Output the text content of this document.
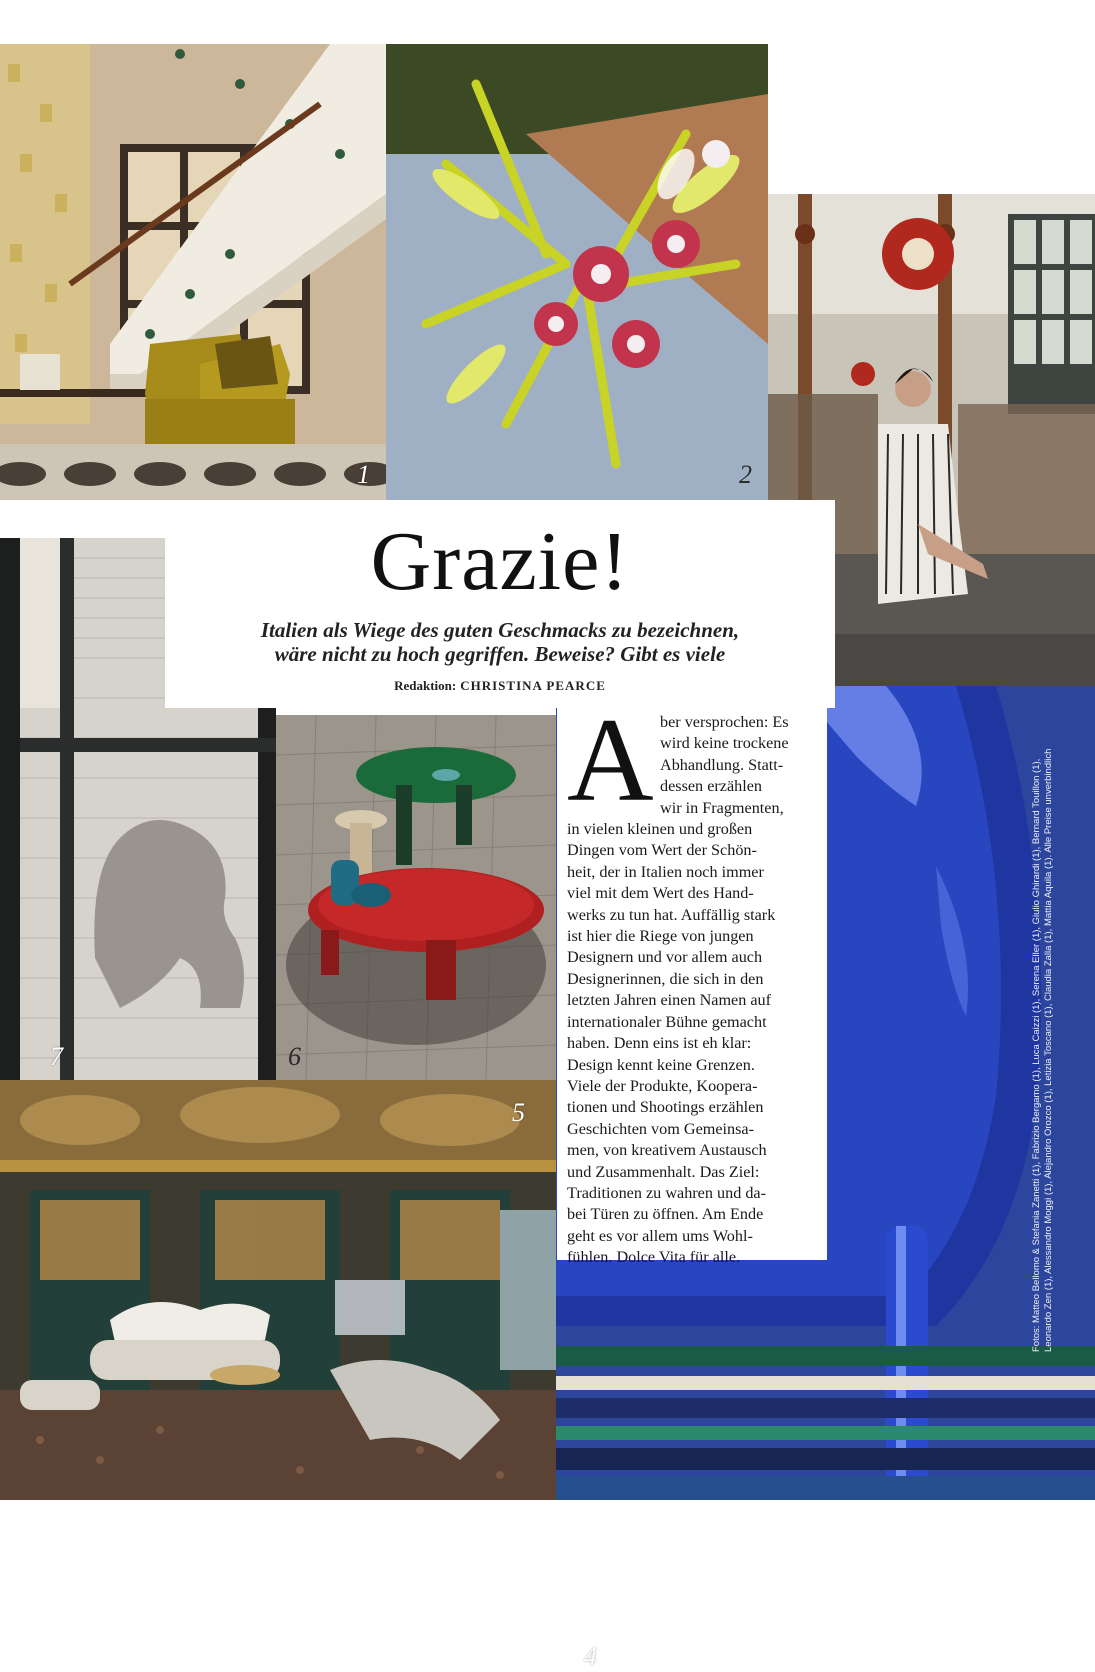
1	2
7	6
5
4
Grazie!
Italien als Wiege des guten Geschmacks zu bezeichnen,
wäre nicht zu hoch gegriffen. Beweise? Gibt es viele
Redaktion: CHRISTINA PEARCE
A ber versprochen: Es
wird keine trockene
Abhandlung. Statt-
dessen erzählen
wir in Fragmenten,
in vielen kleinen und großen
Dingen vom Wert der Schön-
heit, der in Italien noch immer
viel mit dem Wert des Hand-
werks zu tun hat. Auffällig stark
ist hier die Riege von jungen
Designern und vor allem auch
Designerinnen, die sich in den
letzten Jahren einen Namen auf
internationaler Bühne gemacht
haben. Denn eins ist eh klar:
Design kennt keine Grenzen.
Viele der Produkte, Koopera-
tionen und Shootings erzählen
Geschichten vom Gemeinsa-
men, von kreativem Austausch
und Zusammenhalt. Das Ziel:
Traditionen zu wahren und da-
bei Türen zu öffnen. Am Ende
geht es vor allem ums Wohl-
fühlen. Dolce Vita für alle.	Fotos: Matteo Bellomo & Stefania Zanetti (1), Fabrizio Bergamo (1), Luca Caizzi (1), Serena Eller (1), Giulio Ghirardi (1), Bernard Touillon (1), Leonardo Zen (1), Alessandro Moggi (1), Alejandro Orozco (1), Letizia Toscano (1), Claudia Zalla (1), Mattia Aquila (1). Alle Preise unverbindlich
